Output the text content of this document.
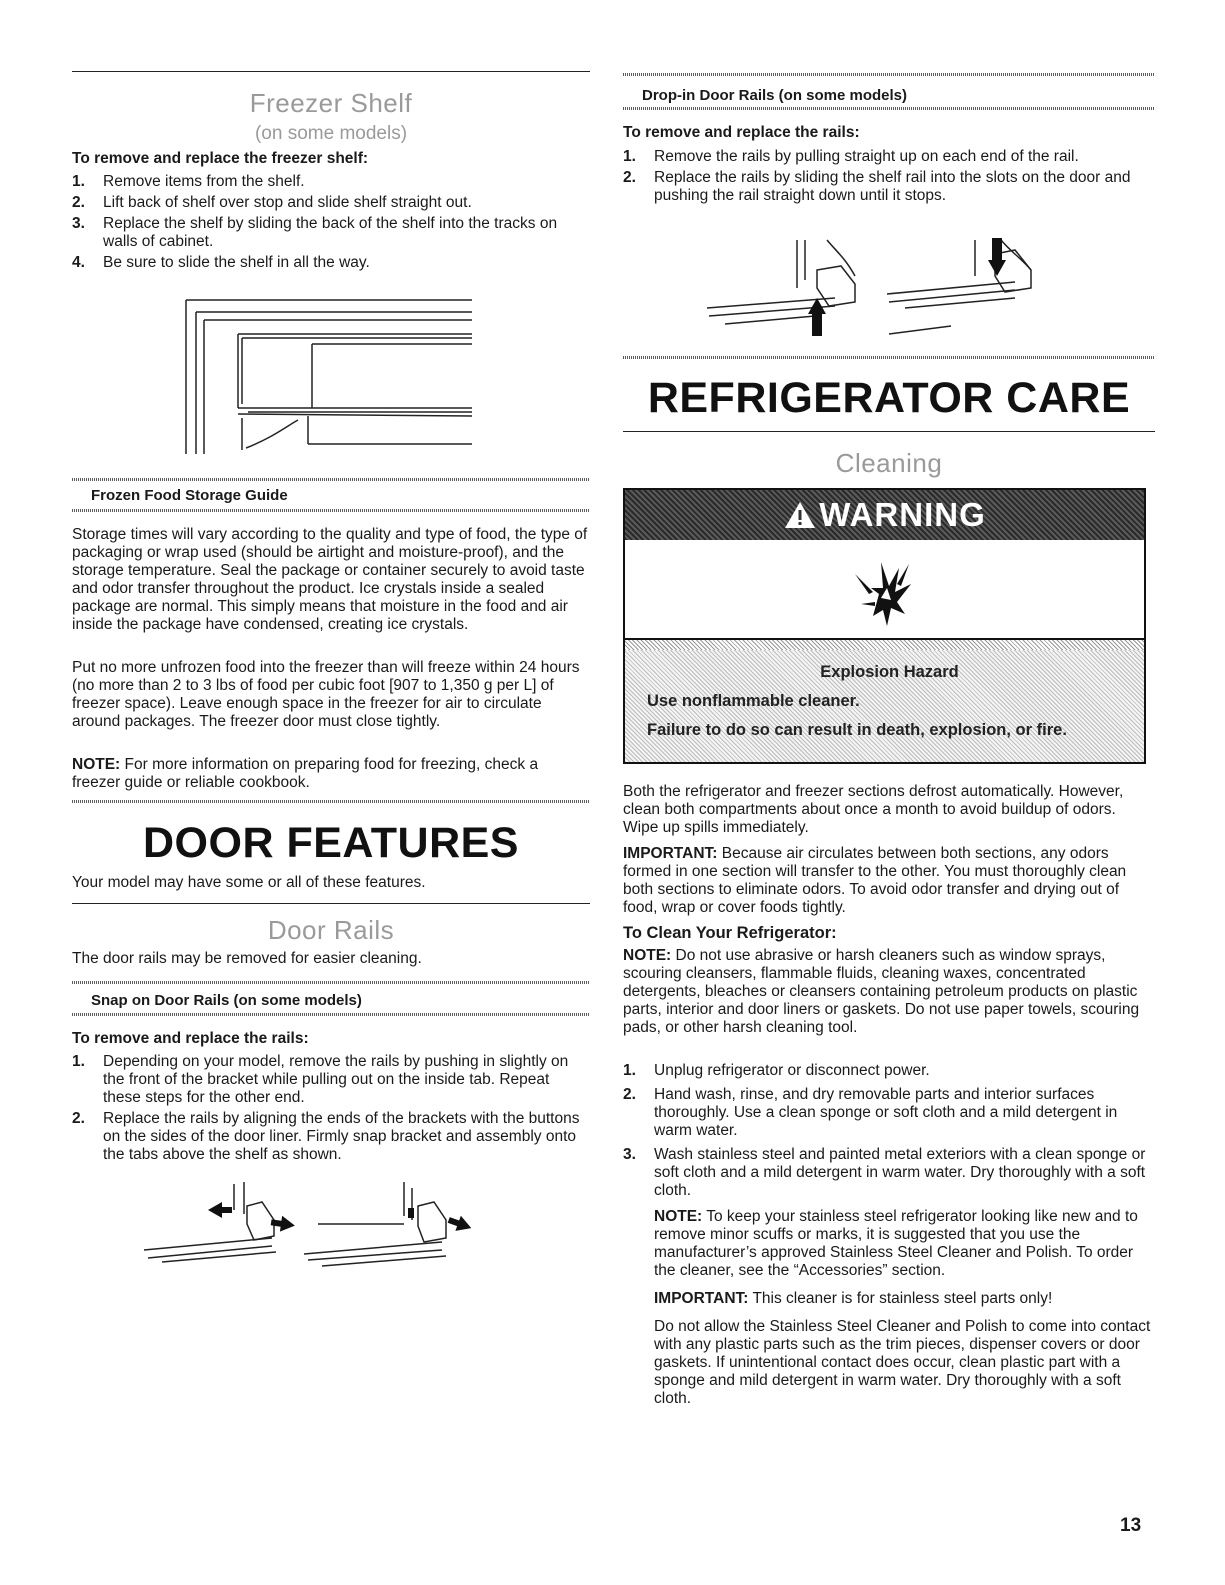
Freezer Shelf
(on some models)
To remove and replace the freezer shelf:
1. Remove items from the shelf.
2. Lift back of shelf over stop and slide shelf straight out.
3. Replace the shelf by sliding the back of the shelf into the tracks on walls of cabinet.
4. Be sure to slide the shelf in all the way.
Frozen Food Storage Guide

Storage times will vary according to the quality and type of food, the type of packaging or wrap used (should be airtight and moisture-proof), and the storage temperature. Seal the package or container securely to avoid taste and odor transfer throughout the product. Ice crystals inside a sealed package are normal. This simply means that moisture in the food and air inside the package have condensed, creating ice crystals.

Put no more unfrozen food into the freezer than will freeze within 24 hours (no more than 2 to 3 lbs of food per cubic foot [907 to 1,350 g per L] of freezer space). Leave enough space in the freezer for air to circulate around packages. The freezer door must close tightly.

NOTE: For more information on preparing food for freezing, check a freezer guide or reliable cookbook.

DOOR FEATURES
Your model may have some or all of these features.
Door Rails
The door rails may be removed for easier cleaning.
Snap on Door Rails (on some models)
To remove and replace the rails:
1. Depending on your model, remove the rails by pushing in slightly on the front of the bracket while pulling out on the inside tab. Repeat these steps for the other end.
2. Replace the rails by aligning the ends of the brackets with the buttons on the sides of the door liner. Firmly snap bracket and assembly onto the tabs above the shelf as shown.
Drop-in Door Rails (on some models)
To remove and replace the rails:
1. Remove the rails by pulling straight up on each end of the rail.
2. Replace the rails by sliding the shelf rail into the slots on the door and pushing the rail straight down until it stops.
REFRIGERATOR CARE
Cleaning
WARNING
Explosion Hazard
Use nonflammable cleaner.
Failure to do so can result in death, explosion, or fire.

Both the refrigerator and freezer sections defrost automatically. However, clean both compartments about once a month to avoid buildup of odors. Wipe up spills immediately.

IMPORTANT: Because air circulates between both sections, any odors formed in one section will transfer to the other. You must thoroughly clean both sections to eliminate odors. To avoid odor transfer and drying out of food, wrap or cover foods tightly.

To Clean Your Refrigerator:

NOTE: Do not use abrasive or harsh cleaners such as window sprays, scouring cleansers, flammable fluids, cleaning waxes, concentrated detergents, bleaches or cleansers containing petroleum products on plastic parts, interior and door liners or gaskets. Do not use paper towels, scouring pads, or other harsh cleaning tool.

1. Unplug refrigerator or disconnect power.
2. Hand wash, rinse, and dry removable parts and interior surfaces thoroughly. Use a clean sponge or soft cloth and a mild detergent in warm water.
3. Wash stainless steel and painted metal exteriors with a clean sponge or soft cloth and a mild detergent in warm water. Dry thoroughly with a soft cloth.

NOTE: To keep your stainless steel refrigerator looking like new and to remove minor scuffs or marks, it is suggested that you use the manufacturer’s approved Stainless Steel Cleaner and Polish. To order the cleaner, see the “Accessories” section.

IMPORTANT: This cleaner is for stainless steel parts only!

Do not allow the Stainless Steel Cleaner and Polish to come into contact with any plastic parts such as the trim pieces, dispenser covers or door gaskets. If unintentional contact does occur, clean plastic part with a sponge and mild detergent in warm water. Dry thoroughly with a soft cloth.

13
